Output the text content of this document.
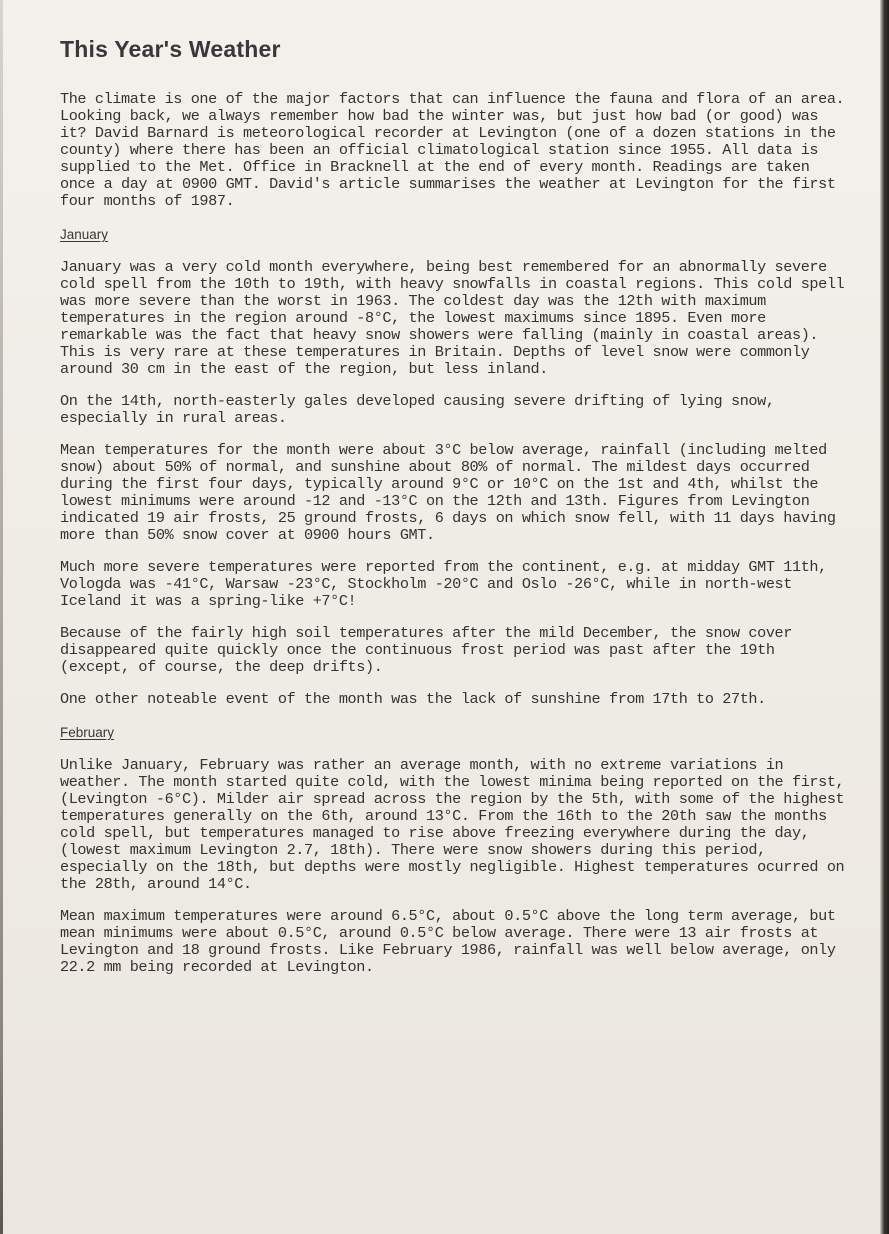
This Year's Weather

The climate is one of the major factors that can influence the fauna and flora of an area. Looking back, we always remember how bad the winter was, but just how bad (or good) was it? David Barnard is meteorological recorder at Levington (one of a dozen stations in the county) where there has been an official climatological station since 1955. All data is supplied to the Met. Office in Bracknell at the end of every month. Readings are taken once a day at 0900 GMT. David's article summarises the weather at Levington for the first four months of 1987.

January

January was a very cold month everywhere, being best remembered for an abnormally severe cold spell from the 10th to 19th, with heavy snowfalls in coastal regions. This cold spell was more severe than the worst in 1963. The coldest day was the 12th with maximum temperatures in the region around -8°C, the lowest maximums since 1895. Even more remarkable was the fact that heavy snow showers were falling (mainly in coastal areas). This is very rare at these temperatures in Britain. Depths of level snow were commonly around 30 cm in the east of the region, but less inland.

On the 14th, north-easterly gales developed causing severe drifting of lying snow, especially in rural areas.

Mean temperatures for the month were about 3°C below average, rainfall (including melted snow) about 50% of normal, and sunshine about 80% of normal. The mildest days occurred during the first four days, typically around 9°C or 10°C on the 1st and 4th, whilst the lowest minimums were around -12 and -13°C on the 12th and 13th. Figures from Levington indicated 19 air frosts, 25 ground frosts, 6 days on which snow fell, with 11 days having more than 50% snow cover at 0900 hours GMT.

Much more severe temperatures were reported from the continent, e.g. at midday GMT 11th, Vologda was -41°C, Warsaw -23°C, Stockholm -20°C and Oslo -26°C, while in north-west Iceland it was a spring-like +7°C!

Because of the fairly high soil temperatures after the mild December, the snow cover disappeared quite quickly once the continuous frost period was past after the 19th (except, of course, the deep drifts).

One other noteable event of the month was the lack of sunshine from 17th to 27th.

February

Unlike January, February was rather an average month, with no extreme variations in weather. The month started quite cold, with the lowest minima being reported on the first, (Levington -6°C). Milder air spread across the region by the 5th, with some of the highest temperatures generally on the 6th, around 13°C. From the 16th to the 20th saw the months cold spell, but temperatures managed to rise above freezing everywhere during the day, (lowest maximum Levington 2.7, 18th). There were snow showers during this period, especially on the 18th, but depths were mostly negligible. Highest temperatures ocurred on the 28th, around 14°C.

Mean maximum temperatures were around 6.5°C, about 0.5°C above the long term average, but mean minimums were about 0.5°C, around 0.5°C below average. There were 13 air frosts at Levington and 18 ground frosts. Like February 1986, rainfall was well below average, only 22.2 mm being recorded at Levington.
